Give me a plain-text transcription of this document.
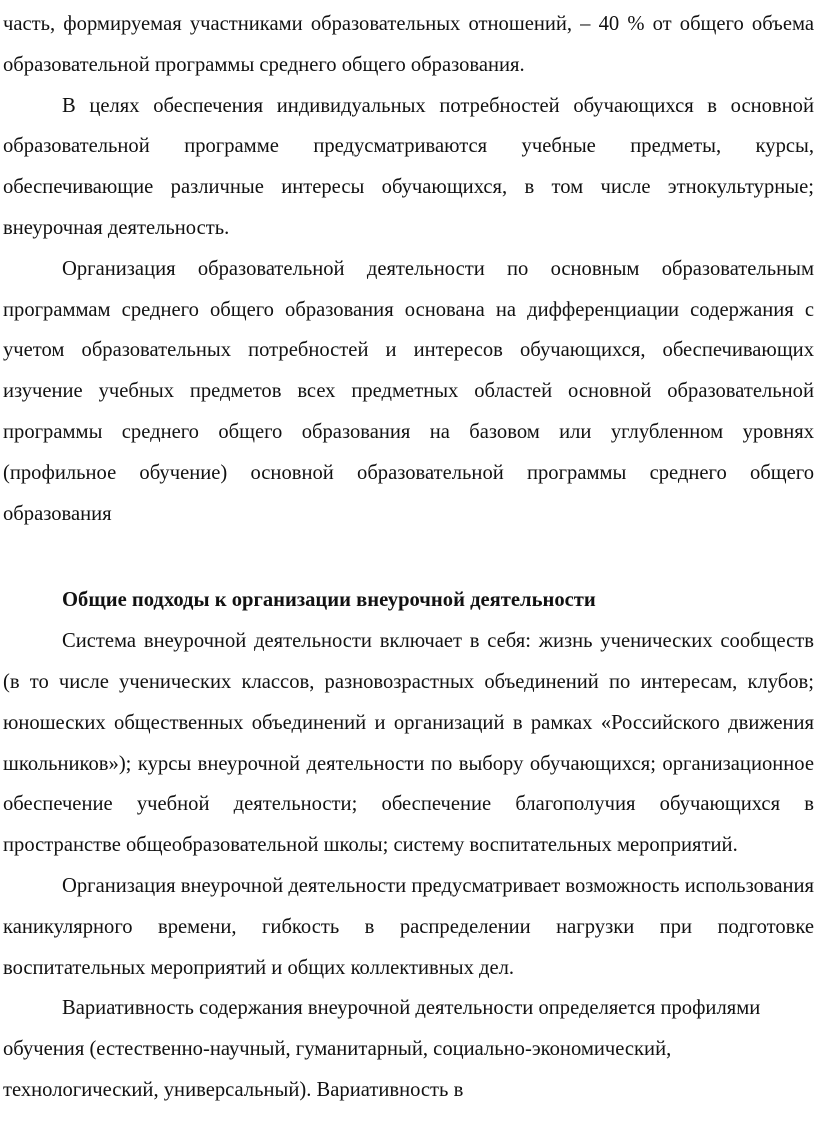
часть, формируемая участниками образовательных отношений, – 40 % от общего объема образовательной программы среднего общего образования.

В целях обеспечения индивидуальных потребностей обучающихся в основной образовательной программе предусматриваются учебные предметы, курсы, обеспечивающие различные интересы обучающихся, в том числе этнокультурные; внеурочная деятельность.

Организация образовательной деятельности по основным образовательным программам среднего общего образования основана на дифференциации содержания с учетом образовательных потребностей и интересов обучающихся, обеспечивающих изучение учебных предметов всех предметных областей основной образовательной программы среднего общего образования на базовом или углубленном уровнях (профильное обучение) основной образовательной программы среднего общего образования

Общие подходы к организации внеурочной деятельности

Система внеурочной деятельности включает в себя: жизнь ученических сообществ (в то числе ученических классов, разновозрастных объединений по интересам, клубов; юношеских общественных объединений и организаций в рамках «Российского движения школьников»); курсы внеурочной деятельности по выбору обучающихся; организационное обеспечение учебной деятельности; обеспечение благополучия обучающихся в пространстве общеобразовательной школы; систему воспитательных мероприятий.

Организация внеурочной деятельности предусматривает возможность использования каникулярного времени, гибкость в распределении нагрузки при подготовке воспитательных мероприятий и общих коллективных дел.

Вариативность содержания внеурочной деятельности определяется профилями обучения (естественно-научный, гуманитарный, социально-экономический, технологический, универсальный). Вариативность в
